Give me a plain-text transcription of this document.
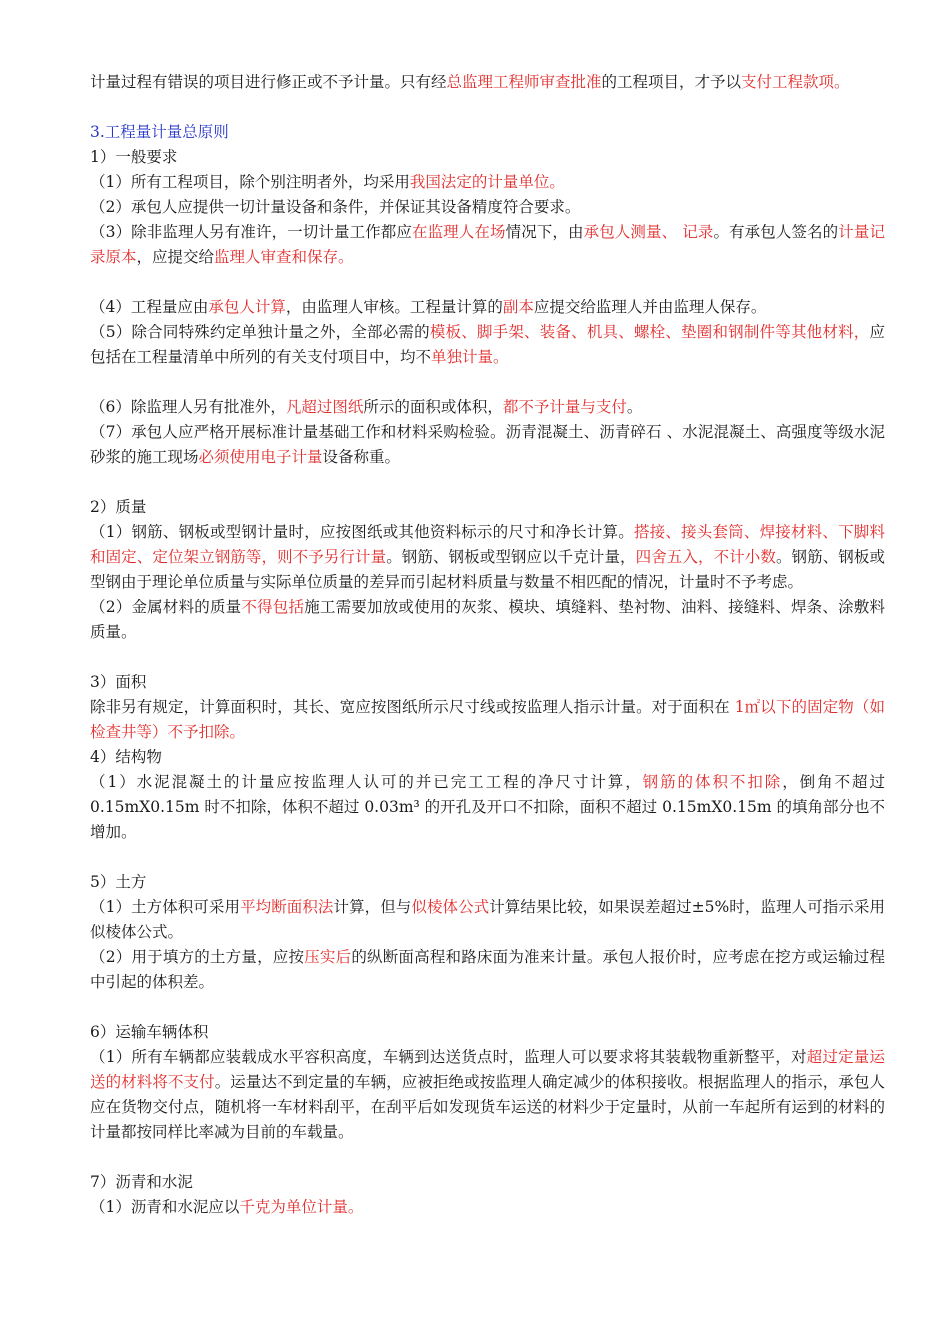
计量过程有错误的项目进行修正或不予计量。只有经总监理工程师审查批准的工程项目，才予以支付工程款项。

3.工程量计量总原则

1）一般要求

（1）所有工程项目，除个别注明者外，均采用我国法定的计量单位。

（2）承包人应提供一切计量设备和条件，并保证其设备精度符合要求。

（3）除非监理人另有准许，一切计量工作都应在监理人在场情况下，由承包人测量、 记录。有承包人签名的计量记录原本，应提交给监理人审查和保存。

（4）工程量应由承包人计算，由监理人审核。工程量计算的副本应提交给监理人并由监理人保存。

（5）除合同特殊约定单独计量之外，全部必需的模板、脚手架、装备、机具、螺栓、垫圈和钢制件等其他材料，应包括在工程量清单中所列的有关支付项目中，均不单独计量。

（6）除监理人另有批准外，凡超过图纸所示的面积或体积，都不予计量与支付。

（7）承包人应严格开展标准计量基础工作和材料采购检验。沥青混凝土、沥青碎石 、水泥混凝土、高强度等级水泥砂浆的施工现场必须使用电子计量设备称重。

2）质量

（1）钢筋、钢板或型钢计量时，应按图纸或其他资料标示的尺寸和净长计算。搭接、接头套筒、焊接材料、下脚料和固定、定位架立钢筋等，则不予另行计量。钢筋、钢板或型钢应以千克计量，四舍五入，不计小数。钢筋、钢板或型钢由于理论单位质量与实际单位质量的差异而引起材料质量与数量不相匹配的情况，计量时不予考虑。

（2）金属材料的质量不得包括施工需要加放或使用的灰浆、模块、填缝料、垫衬物、油料、接缝料、焊条、涂敷料质量。

3）面积

除非另有规定，计算面积时，其长、宽应按图纸所示尺寸线或按监理人指示计量。对于面积在 1㎡以下的固定物（如检查井等）不予扣除。

4）结构物

（1）水泥混凝土的计量应按监理人认可的并已完工工程的净尺寸计算，钢筋的体积不扣除，倒角不超过 0.15mX0.15m 时不扣除，体积不超过 0.03m³ 的开孔及开口不扣除，面积不超过 0.15mX0.15m 的填角部分也不增加。

5）土方

（1）土方体积可采用平均断面积法计算，但与似棱体公式计算结果比较，如果误差超过±5%时，监理人可指示采用似棱体公式。

（2）用于填方的土方量，应按压实后的纵断面高程和路床面为准来计量。承包人报价时，应考虑在挖方或运输过程中引起的体积差。

6）运输车辆体积

（1）所有车辆都应装载成水平容积高度，车辆到达送货点时，监理人可以要求将其装载物重新整平，对超过定量运送的材料将不支付。运量达不到定量的车辆，应被拒绝或按监理人确定减少的体积接收。根据监理人的指示，承包人应在货物交付点，随机将一车材料刮平，在刮平后如发现货车运送的材料少于定量时，从前一车起所有运到的材料的计量都按同样比率减为目前的车载量。

7）沥青和水泥

（1）沥青和水泥应以千克为单位计量。
